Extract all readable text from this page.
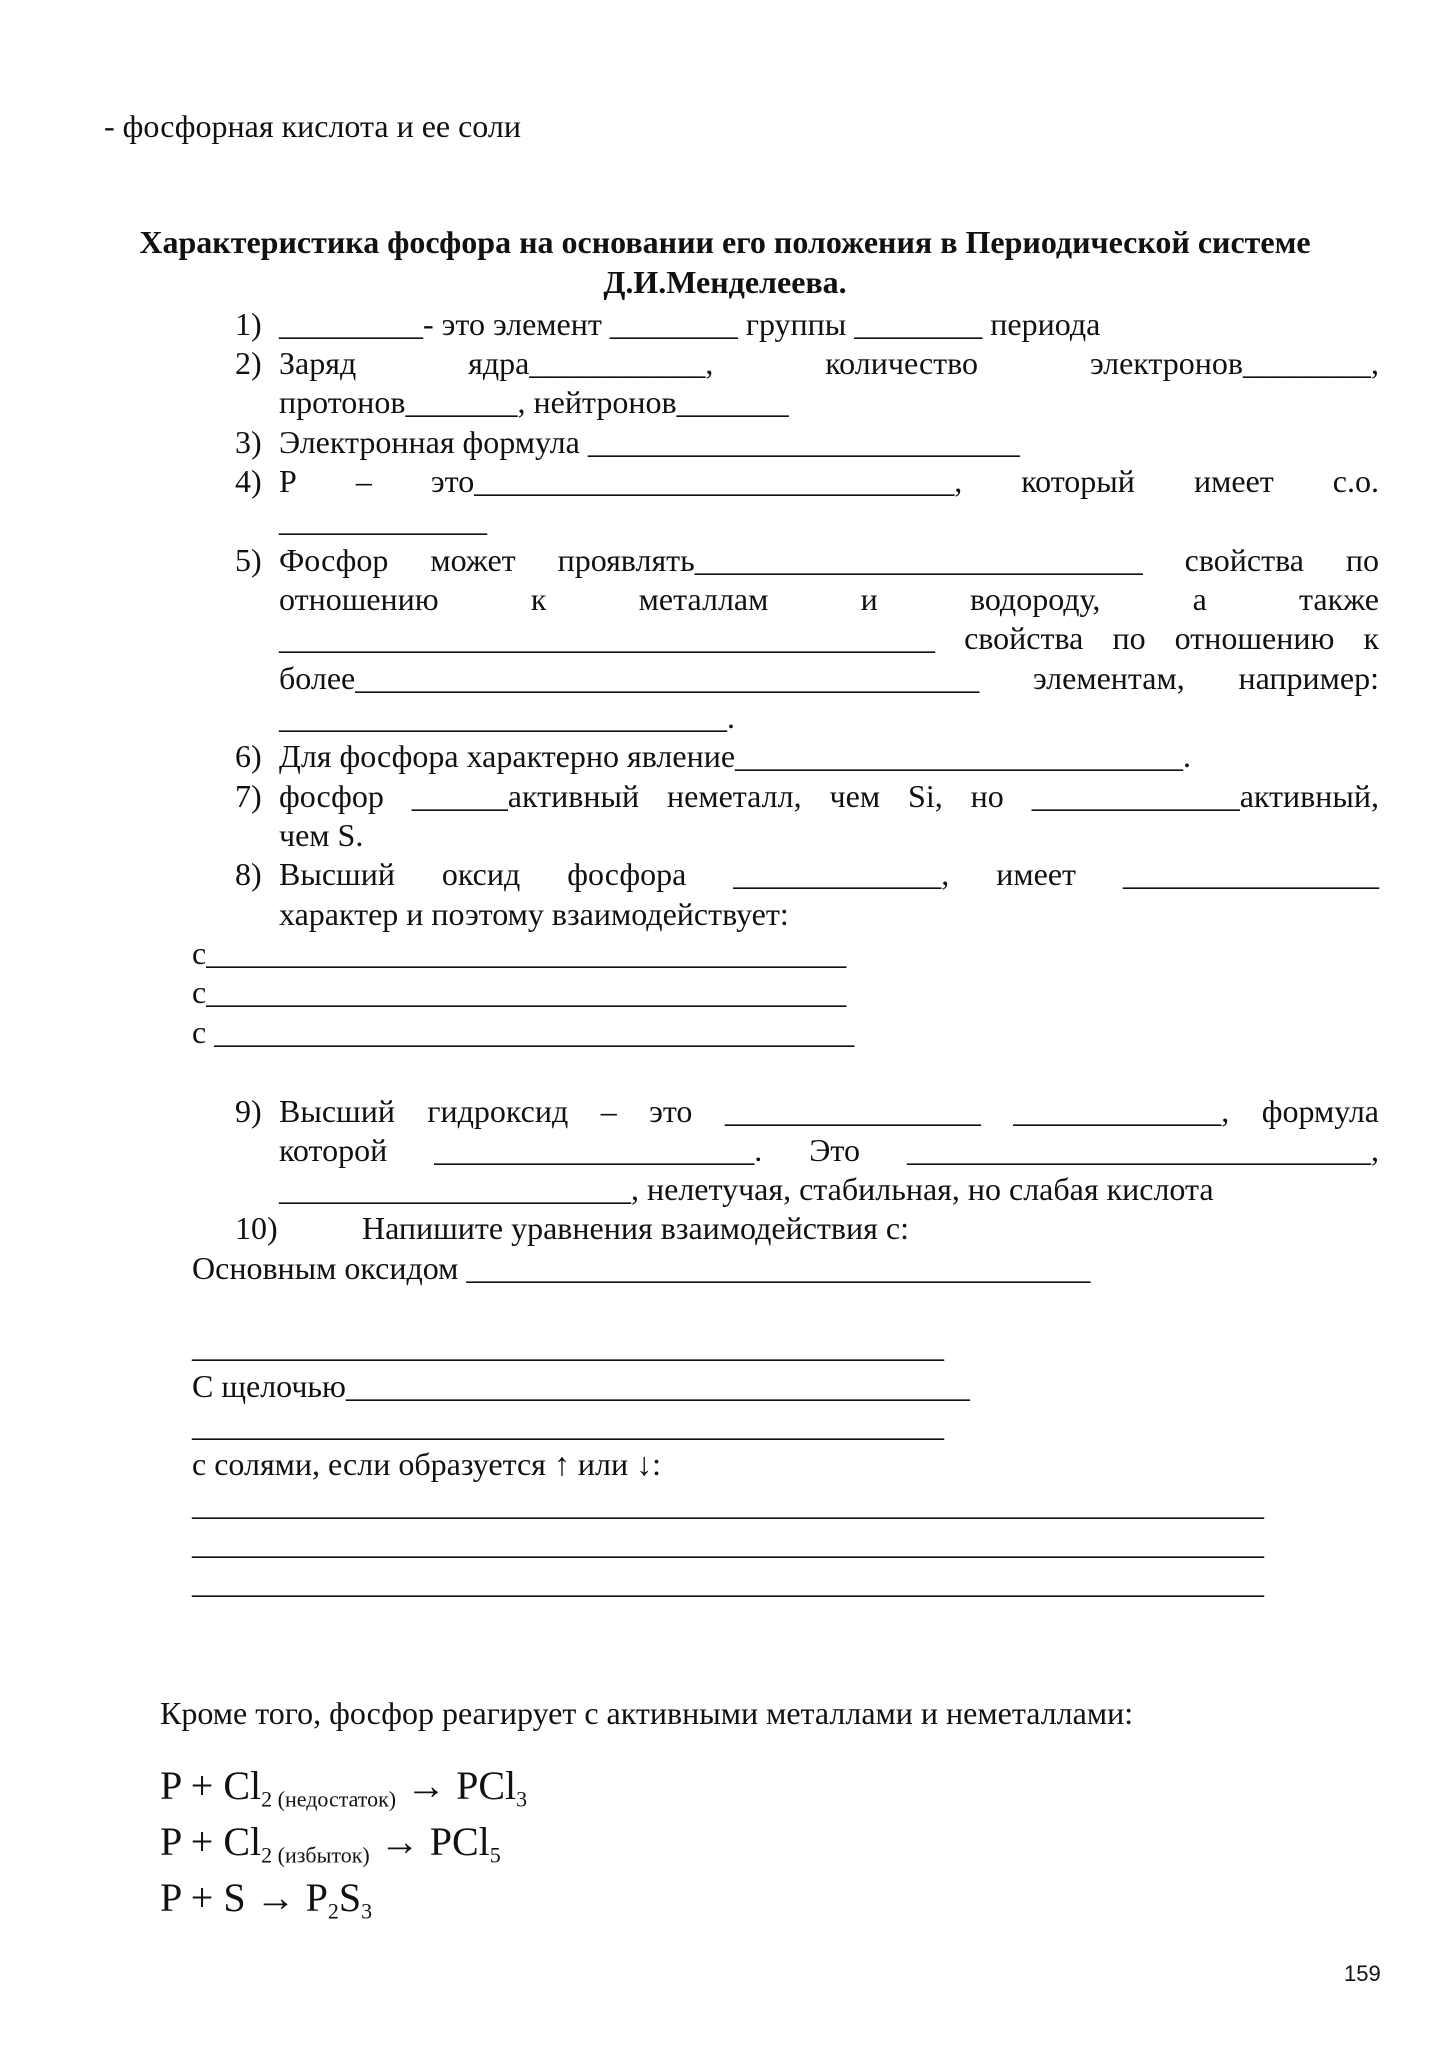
- фосфорная кислота и ее соли
Характеристика фосфора на основании его положения в Периодической системе
Д.И.Менделеева.
1) _________- это элемент ________ группы ________ периода
2) Заряд ядра___________, количество электронов________,
протонов_______, нейтронов_______
3) Электронная формула ___________________________
4) Р – это______________________________, который имеет с.о.
_____________
5) Фосфор может проявлять____________________________ свойства по
отношению к металлам и водороду, а также
_________________________________________ свойства по отношению к
более_______________________________________ элементам, например:
____________________________.
6) Для фосфора характерно явление____________________________.
7) фосфор ______активный неметалл, чем Si, но _____________активный,
чем S.
8) Высший оксид фосфора _____________, имеет ________________
характер и поэтому взаимодействует:
с________________________________________
с________________________________________
с ________________________________________
9) Высший гидроксид – это ________________ _____________, формула
которой ____________________. Это _____________________________,
______________________, нелетучая, стабильная, но слабая кислота
10)	Напишите уравнения взаимодействия с:
Основным оксидом _______________________________________
_______________________________________________
С щелочью_______________________________________
_______________________________________________
с солями, если образуется ↑ или ↓:
___________________________________________________________________
___________________________________________________________________
___________________________________________________________________
Кроме того, фосфор реагирует с активными металлами и неметаллами:
$P + Cl_{2 (недостаток)} \to PCl_3$
$P + Cl_{2 (избыток)} \to PCl_5$
$P + S \to P_2S_3$
159
